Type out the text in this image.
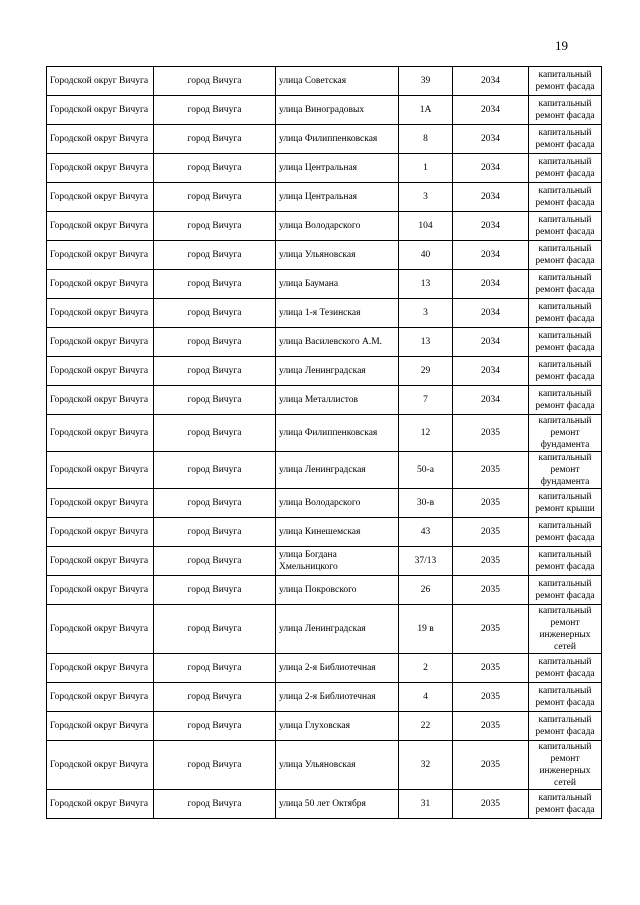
19
Городской округ Вичуга	город Вичуга	улица Советская	39	2034	капитальный ремонт фасада
Городской округ Вичуга	город Вичуга	улица Виноградовых	1А	2034	капитальный ремонт фасада
Городской округ Вичуга	город Вичуга	улица Филиппенковская	8	2034	капитальный ремонт фасада
Городской округ Вичуга	город Вичуга	улица Центральная	1	2034	капитальный ремонт фасада
Городской округ Вичуга	город Вичуга	улица Центральная	3	2034	капитальный ремонт фасада
Городской округ Вичуга	город Вичуга	улица Володарского	104	2034	капитальный ремонт фасада
Городской округ Вичуга	город Вичуга	улица Ульяновская	40	2034	капитальный ремонт фасада
Городской округ Вичуга	город Вичуга	улица Баумана	13	2034	капитальный ремонт фасада
Городской округ Вичуга	город Вичуга	улица 1-я Тезинская	3	2034	капитальный ремонт фасада
Городской округ Вичуга	город Вичуга	улица Василевского А.М.	13	2034	капитальный ремонт фасада
Городской округ Вичуга	город Вичуга	улица Ленинградская	29	2034	капитальный ремонт фасада
Городской округ Вичуга	город Вичуга	улица Металлистов	7	2034	капитальный ремонт фасада
Городской округ Вичуга	город Вичуга	улица Филиппенковская	12	2035	капитальный ремонт фундамента
Городской округ Вичуга	город Вичуга	улица Ленинградская	50-а	2035	капитальный ремонт фундамента
Городской округ Вичуга	город Вичуга	улица Володарского	30-в	2035	капитальный ремонт крыши
Городской округ Вичуга	город Вичуга	улица Кинешемская	43	2035	капитальный ремонт фасада
Городской округ Вичуга	город Вичуга	улица Богдана Хмельницкого	37/13	2035	капитальный ремонт фасада
Городской округ Вичуга	город Вичуга	улица Покровского	26	2035	капитальный ремонт фасада
Городской округ Вичуга	город Вичуга	улица Ленинградская	19 в	2035	капитальный ремонт инженерных сетей
Городской округ Вичуга	город Вичуга	улица 2-я Библиотечная	2	2035	капитальный ремонт фасада
Городской округ Вичуга	город Вичуга	улица 2-я Библиотечная	4	2035	капитальный ремонт фасада
Городской округ Вичуга	город Вичуга	улица Глуховская	22	2035	капитальный ремонт фасада
Городской округ Вичуга	город Вичуга	улица Ульяновская	32	2035	капитальный ремонт инженерных сетей
Городской округ Вичуга	город Вичуга	улица 50 лет Октября	31	2035	капитальный ремонт фасада
